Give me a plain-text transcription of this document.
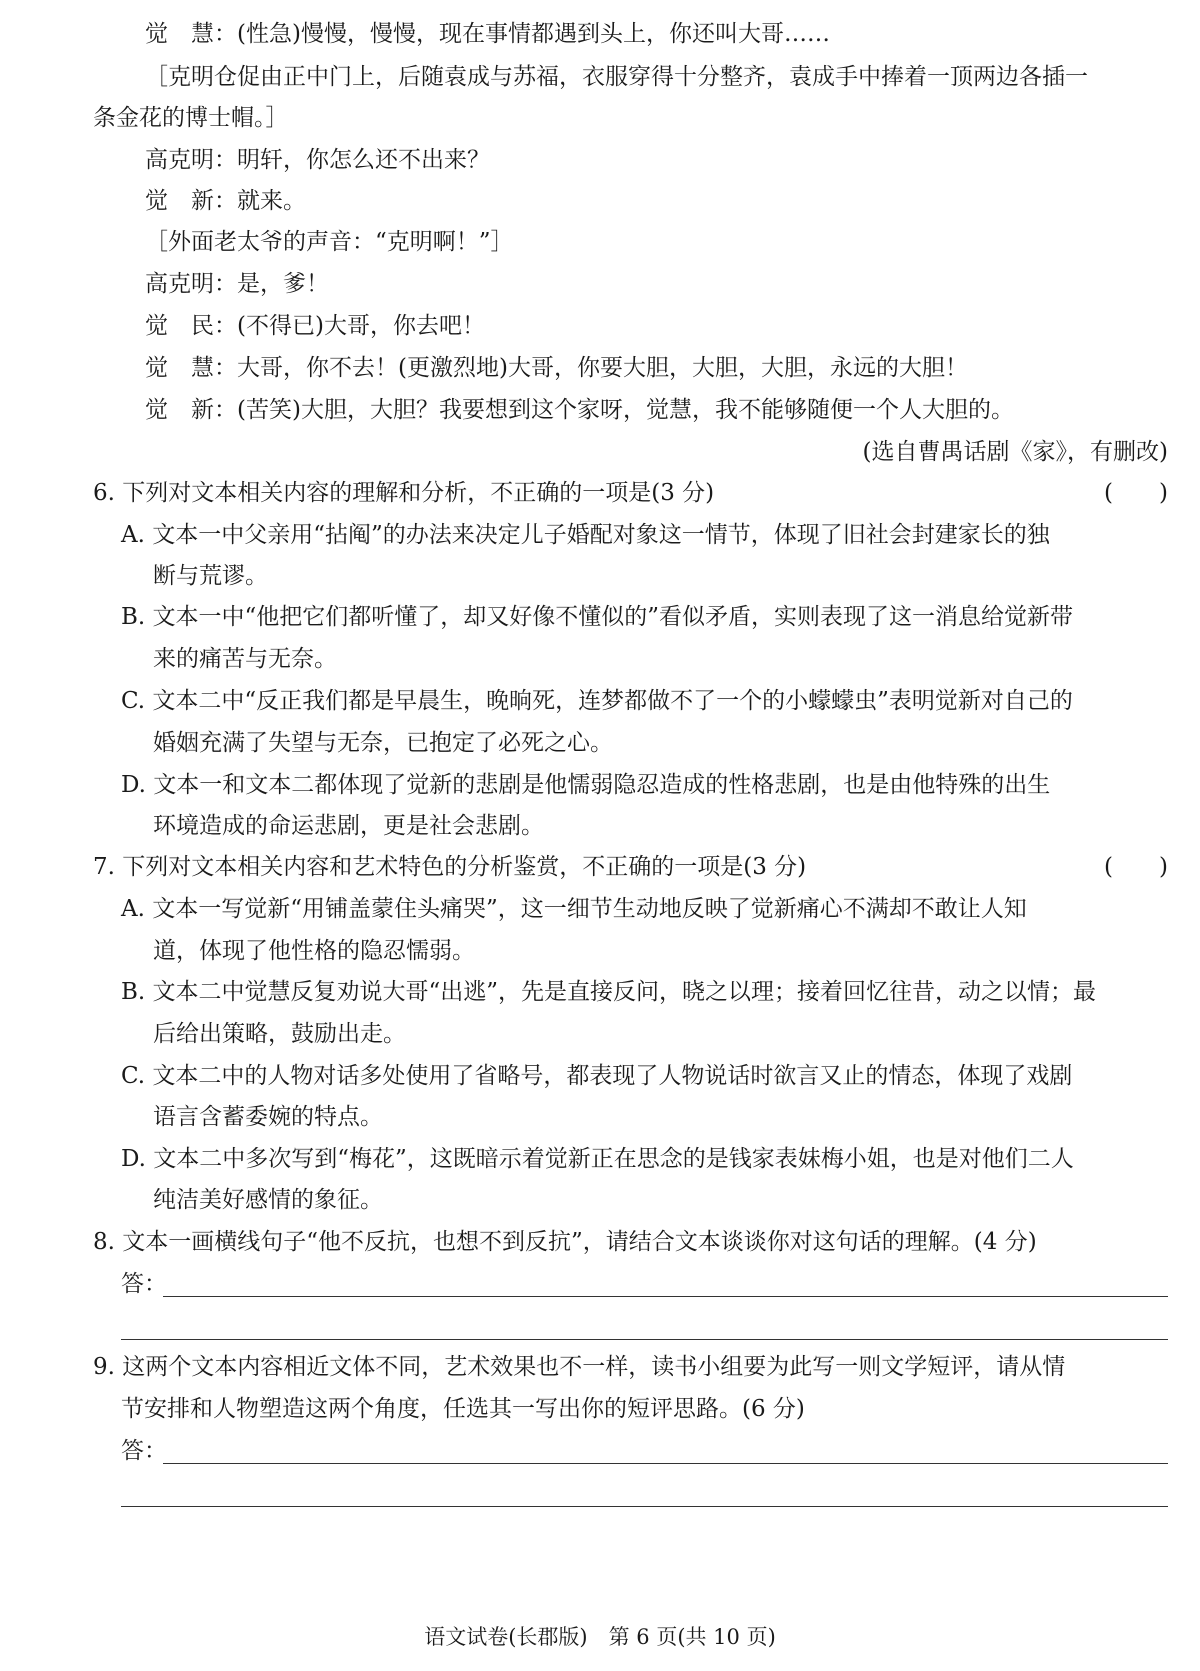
觉　慧：(性急)慢慢，慢慢，现在事情都遇到头上，你还叫大哥……
［克明仓促由正中门上，后随袁成与苏福，衣服穿得十分整齐，袁成手中捧着一顶两边各插一
条金花的博士帽。］
高克明：明轩，你怎么还不出来？
觉　新：就来。
［外面老太爷的声音：“克明啊！”］
高克明：是，爹！
觉　民：(不得已)大哥，你去吧！
觉　慧：大哥，你不去！(更激烈地)大哥，你要大胆，大胆，大胆，永远的大胆！
觉　新：(苦笑)大胆，大胆？我要想到这个家呀，觉慧，我不能够随便一个人大胆的。
(选自曹禺话剧《家》，有删改)
6. 下列对文本相关内容的理解和分析，不正确的一项是(3 分)	(　　)
A. 文本一中父亲用“拈阄”的办法来决定儿子婚配对象这一情节，体现了旧社会封建家长的独
断与荒谬。
B. 文本一中“他把它们都听懂了，却又好像不懂似的”看似矛盾，实则表现了这一消息给觉新带
来的痛苦与无奈。
C. 文本二中“反正我们都是早晨生，晚晌死，连梦都做不了一个的小蠓蠓虫”表明觉新对自己的
婚姻充满了失望与无奈，已抱定了必死之心。
D. 文本一和文本二都体现了觉新的悲剧是他懦弱隐忍造成的性格悲剧，也是由他特殊的出生
环境造成的命运悲剧，更是社会悲剧。
7. 下列对文本相关内容和艺术特色的分析鉴赏，不正确的一项是(3 分)	(　　)
A. 文本一写觉新“用铺盖蒙住头痛哭”，这一细节生动地反映了觉新痛心不满却不敢让人知
道，体现了他性格的隐忍懦弱。
B. 文本二中觉慧反复劝说大哥“出逃”，先是直接反问，晓之以理；接着回忆往昔，动之以情；最
后给出策略，鼓励出走。
C. 文本二中的人物对话多处使用了省略号，都表现了人物说话时欲言又止的情态，体现了戏剧
语言含蓄委婉的特点。
D. 文本二中多次写到“梅花”，这既暗示着觉新正在思念的是钱家表妹梅小姐，也是对他们二人
纯洁美好感情的象征。
8. 文本一画横线句子“他不反抗，也想不到反抗”，请结合文本谈谈你对这句话的理解。(4 分)
答：
9. 这两个文本内容相近文体不同，艺术效果也不一样，读书小组要为此写一则文学短评，请从情
节安排和人物塑造这两个角度，任选其一写出你的短评思路。(6 分)
答：
语文试卷(长郡版)　第 6 页(共 10 页)
